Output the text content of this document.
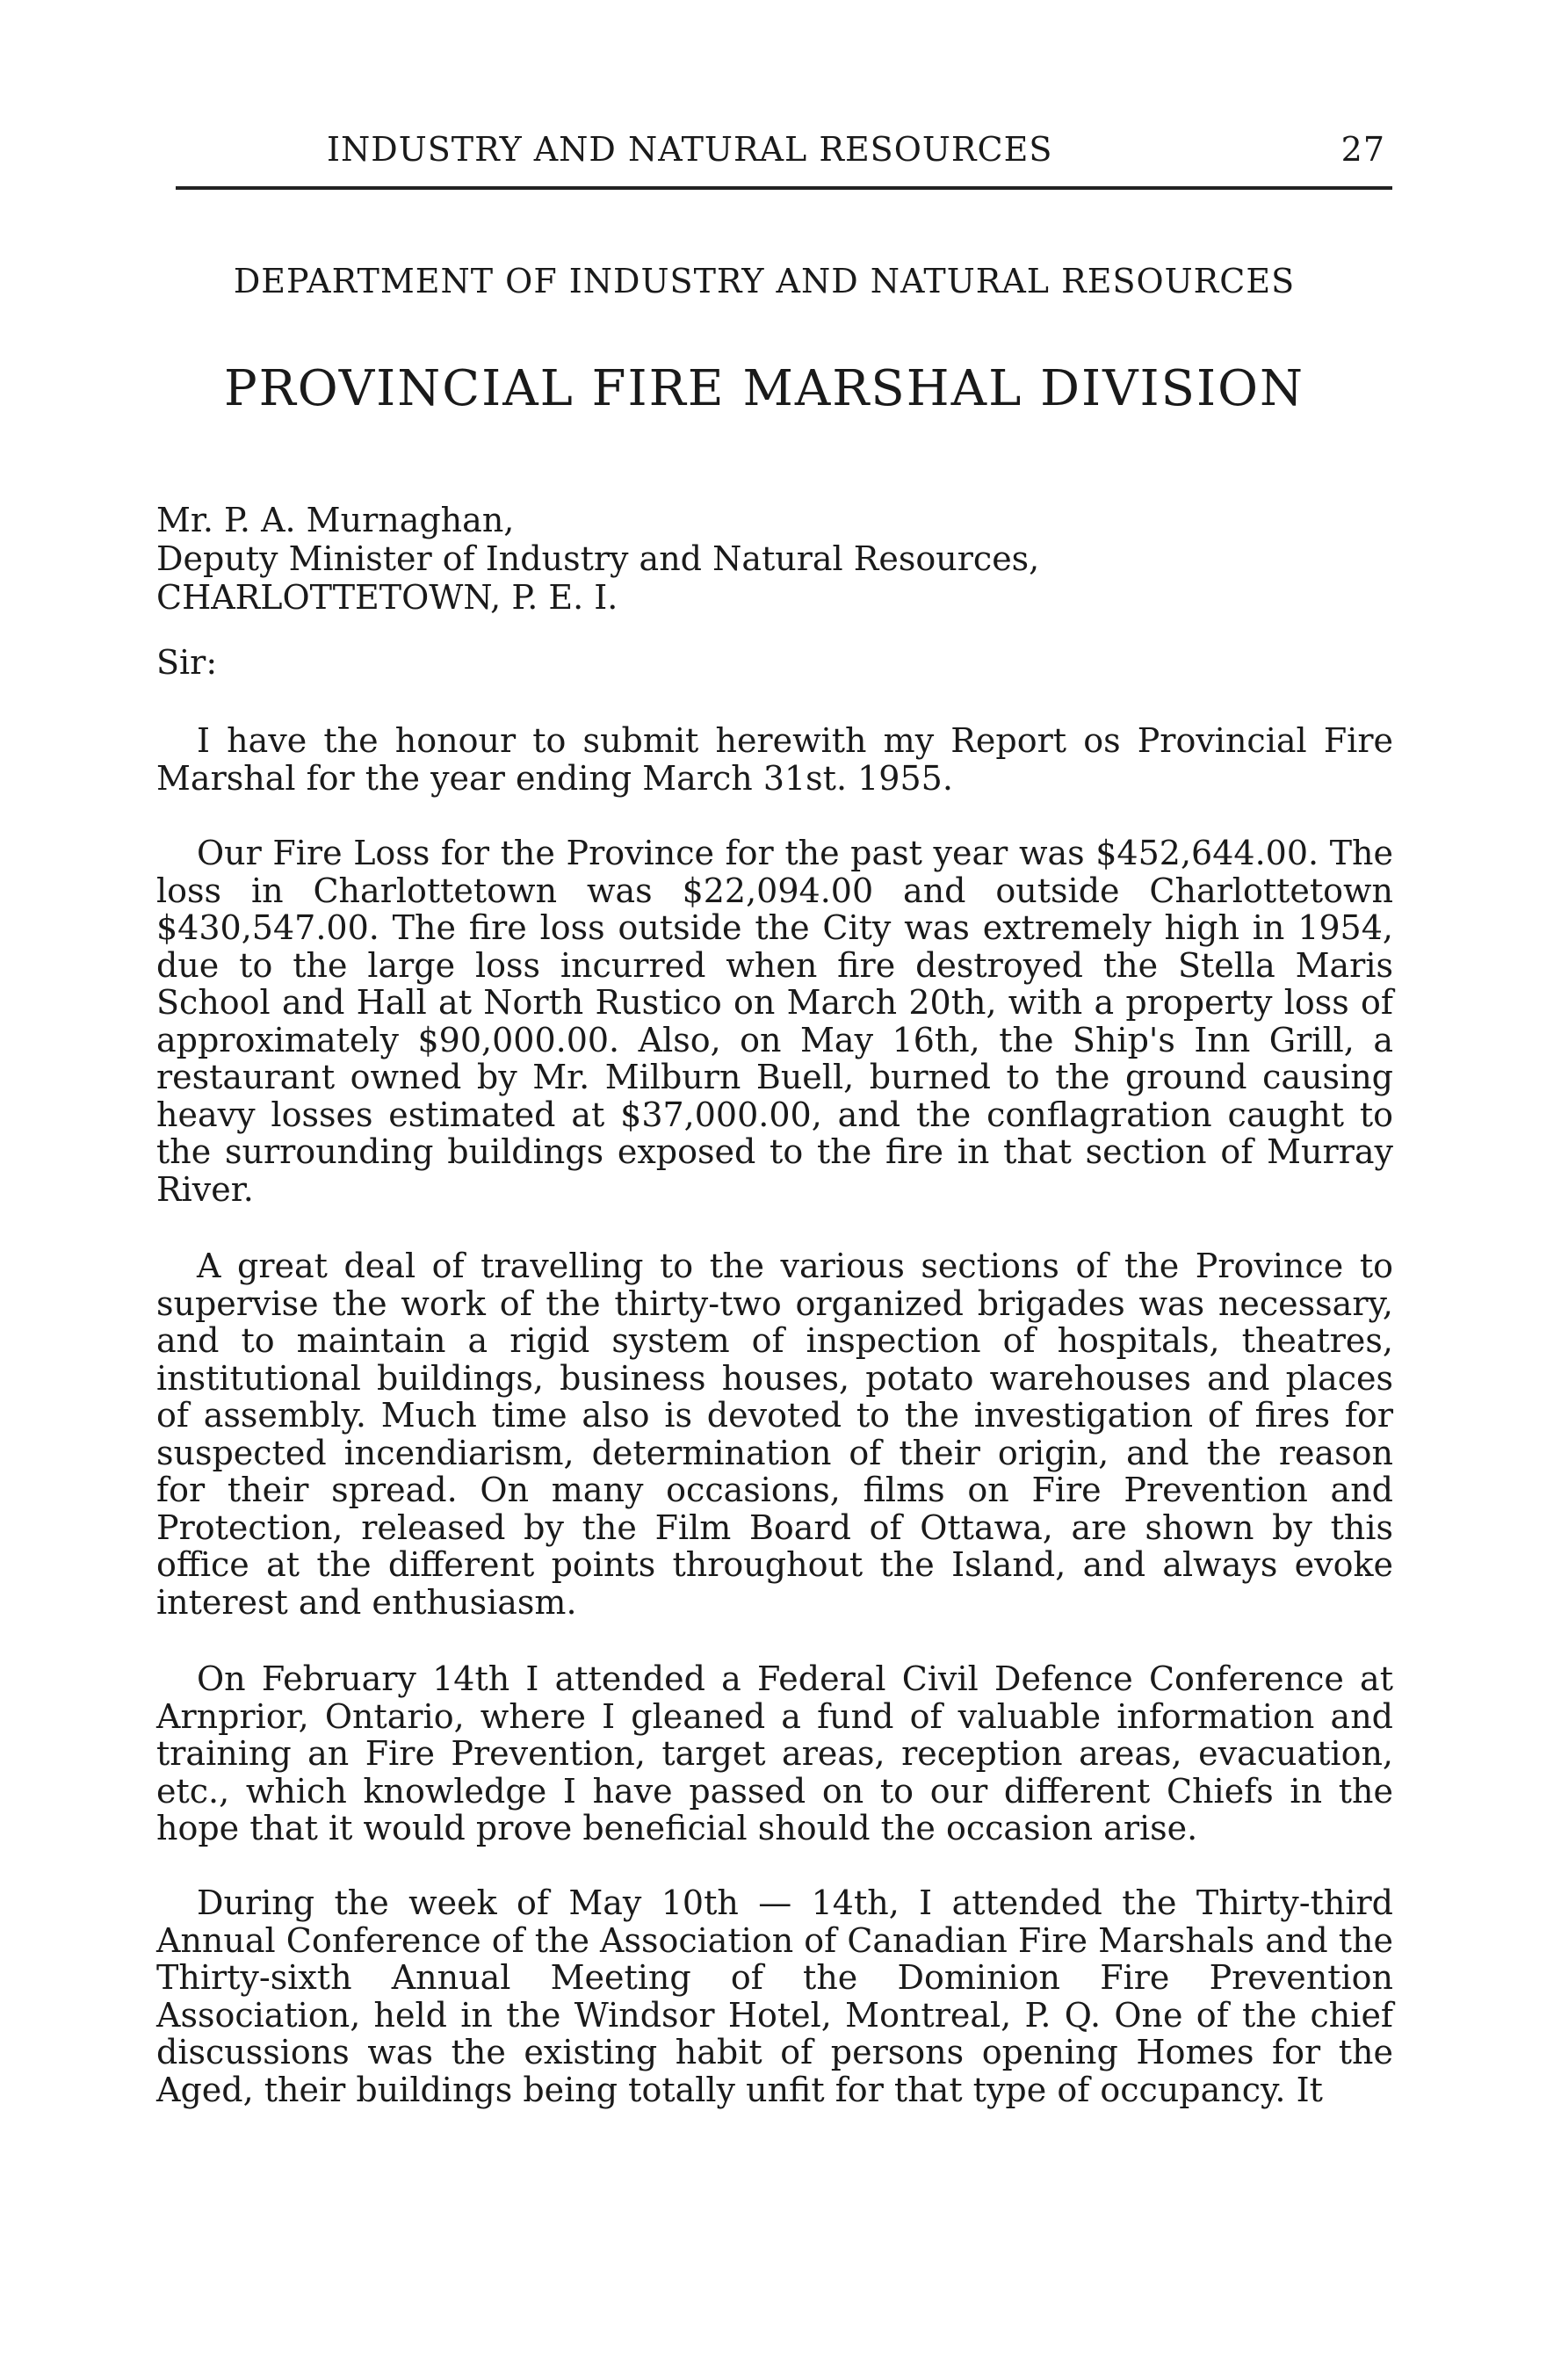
INDUSTRY AND NATURAL RESOURCES	27
DEPARTMENT OF INDUSTRY AND NATURAL RESOURCES
PROVINCIAL FIRE MARSHAL DIVISION
Mr. P. A. Murnaghan,
Deputy Minister of Industry and Natural Resources,
CHARLOTTETOWN, P. E. I.
Sir:

I have the honour to submit herewith my Report os Provincial Fire Marshal for the year ending March 31st. 1955.

Our Fire Loss for the Province for the past year was $452,644.00. The loss in Charlottetown was $22,094.00 and outside Charlottetown $430,547.00. The fire loss outside the City was extremely high in 1954, due to the large loss incurred when fire destroyed the Stella Maris School and Hall at North Rustico on March 20th, with a property loss of approximately $90,000.00. Also, on May 16th, the Ship's Inn Grill, a restaurant owned by Mr. Milburn Buell, burned to the ground causing heavy losses estimated at $37,000.00, and the conflagration caught to the surrounding buildings exposed to the fire in that section of Murray River.

A great deal of travelling to the various sections of the Province to supervise the work of the thirty-two organized brigades was necessary, and to maintain a rigid system of inspection of hospitals, theatres, institutional buildings, business houses, potato warehouses and places of assembly. Much time also is devoted to the investigation of fires for suspected incendiarism, determination of their origin, and the reason for their spread. On many occasions, films on Fire Prevention and Protection, released by the Film Board of Ottawa, are shown by this office at the different points throughout the Island, and always evoke interest and enthusiasm.

On February 14th I attended a Federal Civil Defence Conference at Arnprior, Ontario, where I gleaned a fund of valuable information and training an Fire Prevention, target areas, reception areas, evacuation, etc., which knowledge I have passed on to our different Chiefs in the hope that it would prove beneficial should the occasion arise.

During the week of May 10th — 14th, I attended the Thirty-third Annual Conference of the Association of Canadian Fire Marshals and the Thirty-sixth Annual Meeting of the Dominion Fire Prevention Association, held in the Windsor Hotel, Montreal, P. Q. One of the chief discussions was the existing habit of persons opening Homes for the Aged, their buildings being totally unfit for that type of occupancy. It
